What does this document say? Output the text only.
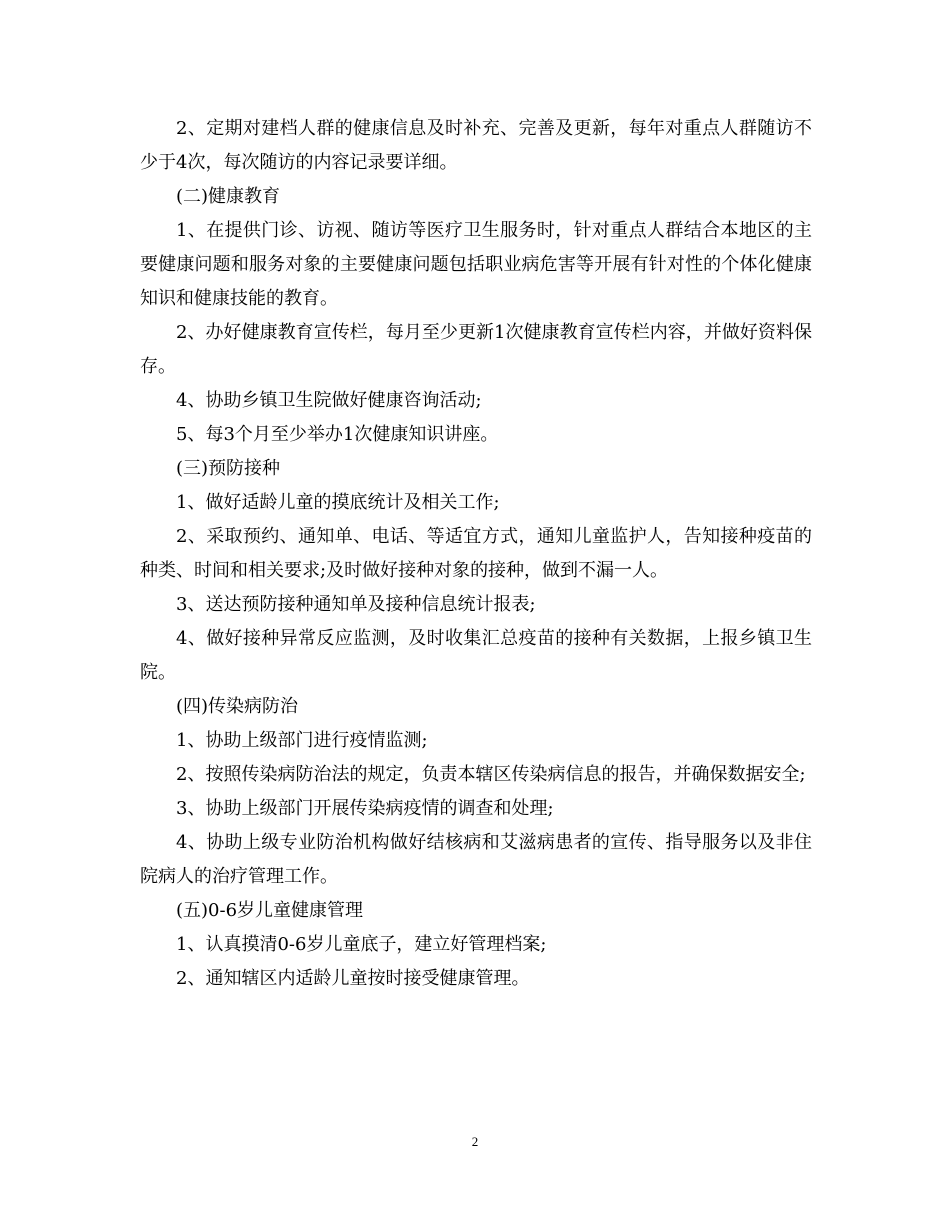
2、定期对建档人群的健康信息及时补充、完善及更新，每年对重点人群随访不少于4次，每次随访的内容记录要详细。

(二)健康教育

1、在提供门诊、访视、随访等医疗卫生服务时，针对重点人群结合本地区的主要健康问题和服务对象的主要健康问题包括职业病危害等开展有针对性的个体化健康知识和健康技能的教育。

2、办好健康教育宣传栏，每月至少更新1次健康教育宣传栏内容，并做好资料保存。

4、协助乡镇卫生院做好健康咨询活动;

5、每3个月至少举办1次健康知识讲座。

(三)预防接种

1、做好适龄儿童的摸底统计及相关工作;

2、采取预约、通知单、电话、等适宜方式，通知儿童监护人，告知接种疫苗的种类、时间和相关要求;及时做好接种对象的接种，做到不漏一人。

3、送达预防接种通知单及接种信息统计报表;

4、做好接种异常反应监测，及时收集汇总疫苗的接种有关数据，上报乡镇卫生院。

(四)传染病防治

1、协助上级部门进行疫情监测;

2、按照传染病防治法的规定，负责本辖区传染病信息的报告，并确保数据安全;

3、协助上级部门开展传染病疫情的调查和处理;

4、协助上级专业防治机构做好结核病和艾滋病患者的宣传、指导服务以及非住院病人的治疗管理工作。

(五)0-6岁儿童健康管理

1、认真摸清0-6岁儿童底子，建立好管理档案;

2、通知辖区内适龄儿童按时接受健康管理。

2
